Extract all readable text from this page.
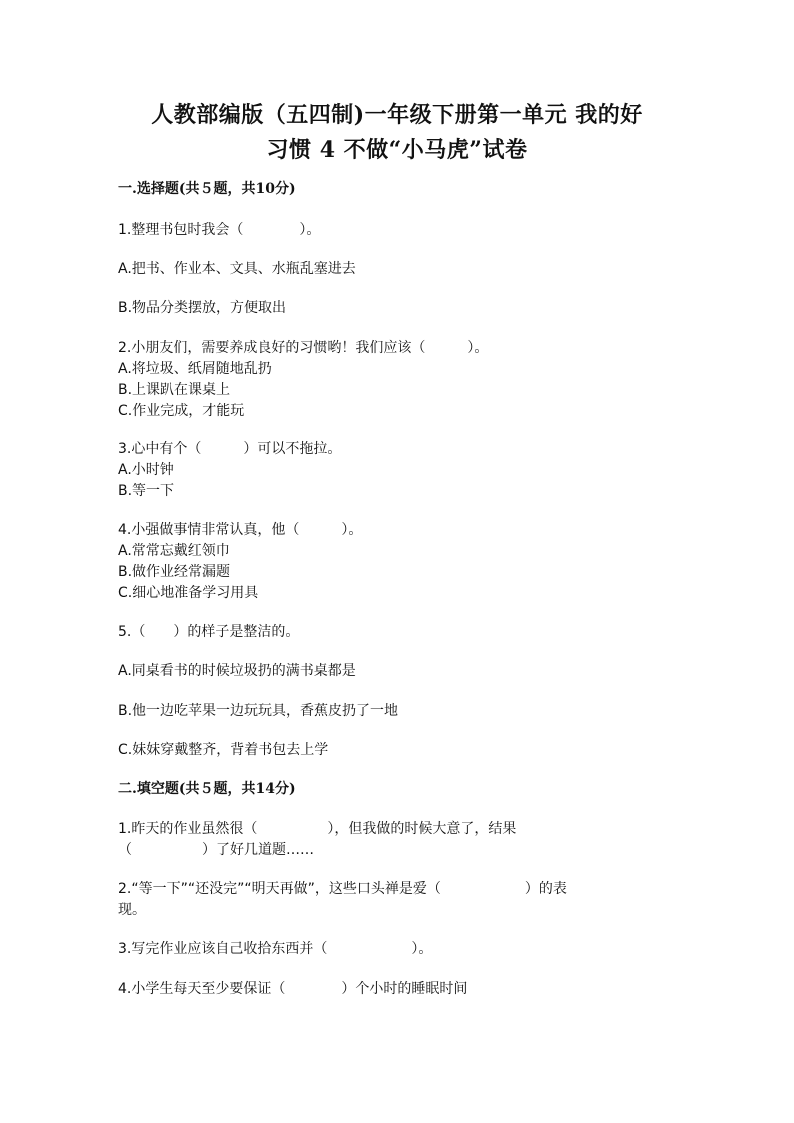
人教部编版（五四制)一年级下册第一单元 我的好
习惯 4 不做“小马虎”试卷
一.选择题(共５题，共10分)
1.整理书包时我会（　　　　）。
A.把书、作业本、文具、水瓶乱塞进去
B.物品分类摆放，方便取出
2.小朋友们，需要养成良好的习惯哟！我们应该（　　　）。
A.将垃圾、纸屑随地乱扔
B.上课趴在课桌上
C.作业完成，才能玩
3.心中有个（　　　）可以不拖拉。
A.小时钟
B.等一下
4.小强做事情非常认真，他（　　　）。
A.常常忘戴红领巾
B.做作业经常漏题
C.细心地准备学习用具
5.（　　）的样子是整洁的。
A.同桌看书的时候垃圾扔的满书桌都是
B.他一边吃苹果一边玩玩具，香蕉皮扔了一地
C.妹妹穿戴整齐，背着书包去上学
二.填空题(共５题，共14分)
1.昨天的作业虽然很（　　　　　），但我做的时候大意了，结果
（　　　　　）了好几道题……
2.“等一下”“还没完”“明天再做”，这些口头禅是爱（　　　　　　）的表
现。
3.写完作业应该自己收拾东西并（　　　　　　）。
4.小学生每天至少要保证（　　　　）个小时的睡眠时间
